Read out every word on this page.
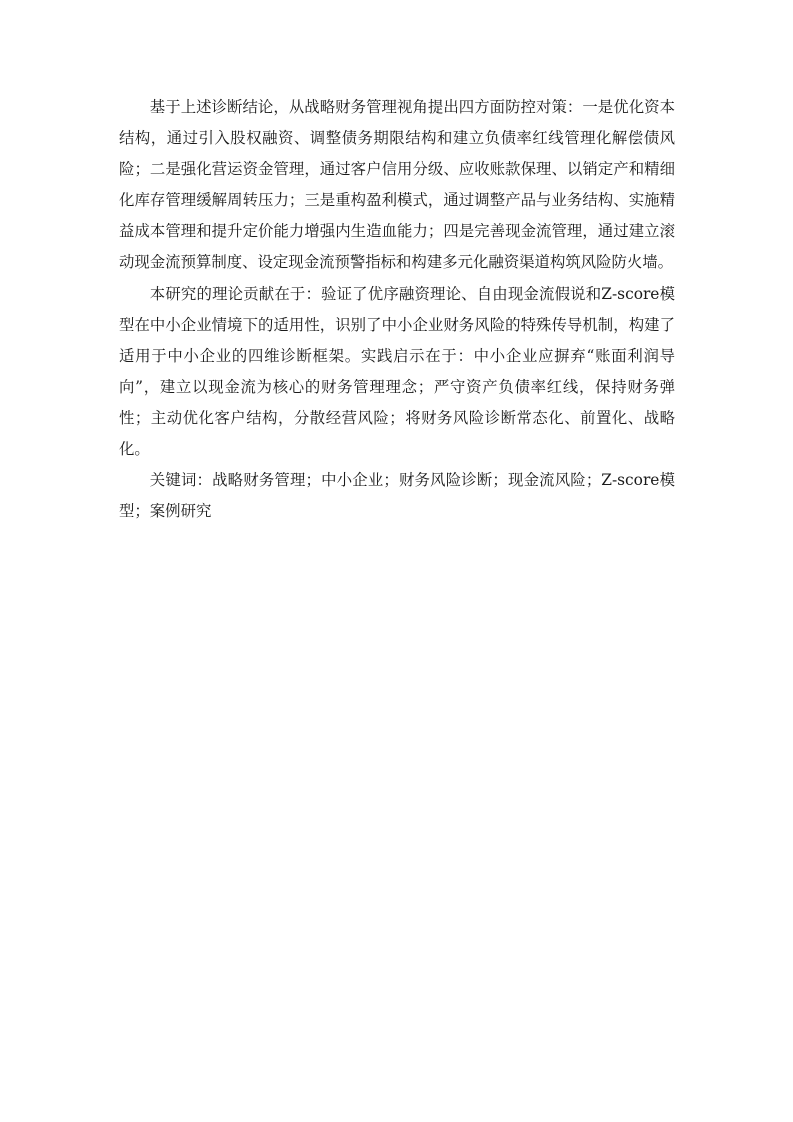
基于上述诊断结论，从战略财务管理视角提出四方面防控对策：一是优化资本结构，通过引入股权融资、调整债务期限结构和建立负债率红线管理化解偿债风险；二是强化营运资金管理，通过客户信用分级、应收账款保理、以销定产和精细化库存管理缓解周转压力；三是重构盈利模式，通过调整产品与业务结构、实施精益成本管理和提升定价能力增强内生造血能力；四是完善现金流管理，通过建立滚动现金流预算制度、设定现金流预警指标和构建多元化融资渠道构筑风险防火墙。

本研究的理论贡献在于：验证了优序融资理论、自由现金流假说和Z-score模型在中小企业情境下的适用性，识别了中小企业财务风险的特殊传导机制，构建了适用于中小企业的四维诊断框架。实践启示在于：中小企业应摒弃“账面利润导向”，建立以现金流为核心的财务管理理念；严守资产负债率红线，保持财务弹性；主动优化客户结构，分散经营风险；将财务风险诊断常态化、前置化、战略化。

关键词：战略财务管理；中小企业；财务风险诊断；现金流风险；Z-score模型；案例研究
